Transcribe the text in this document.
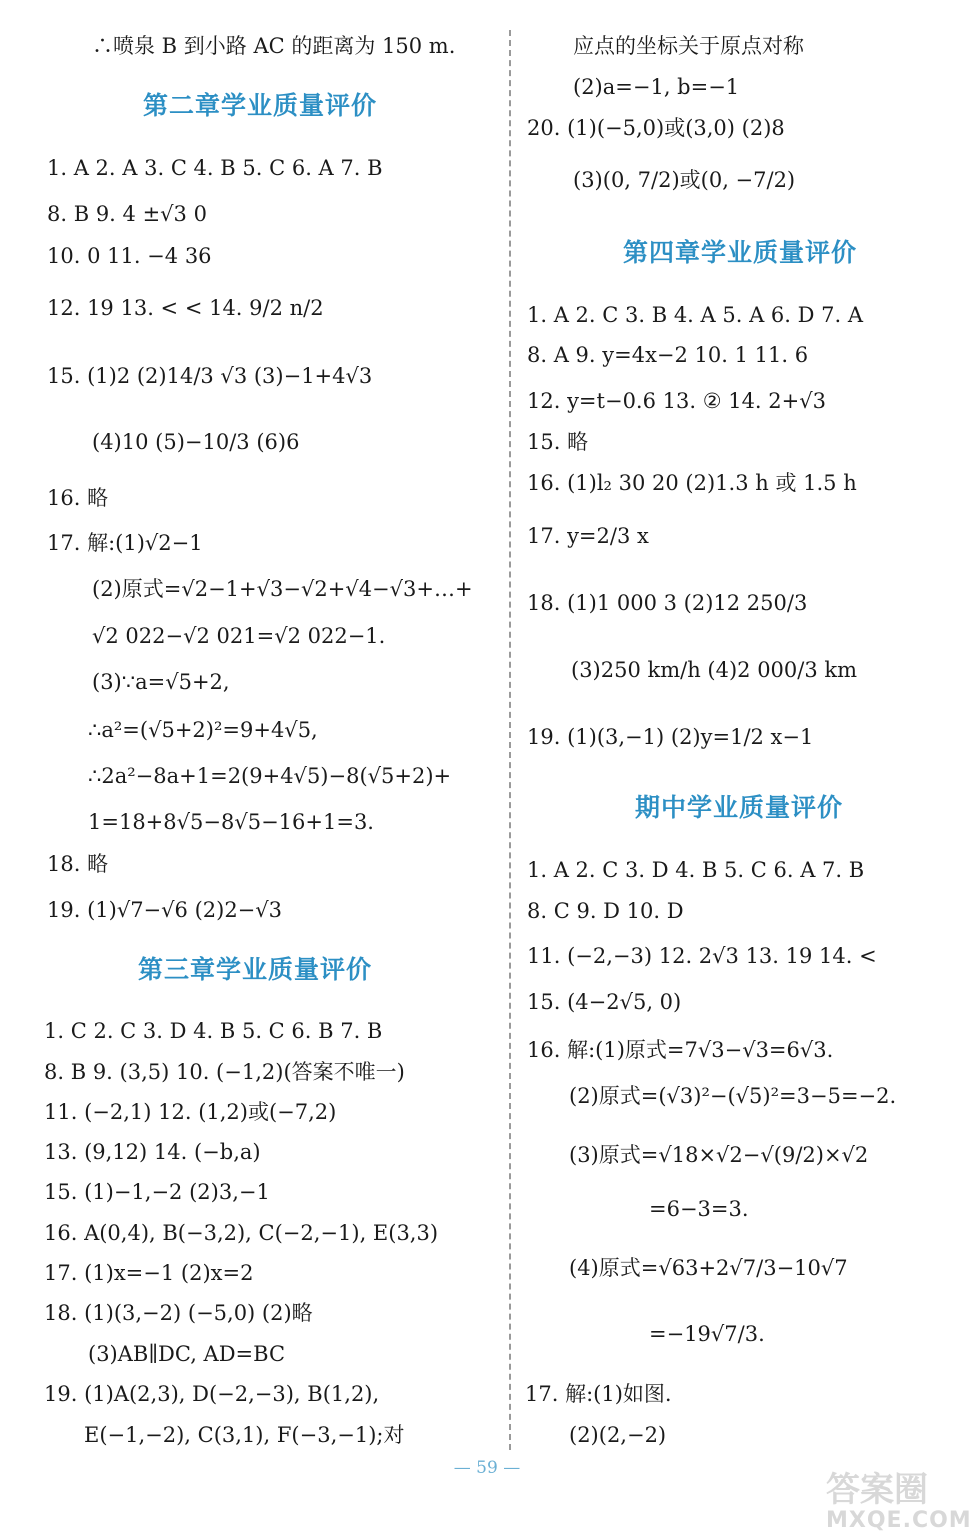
∴喷泉 B 到小路 AC 的距离为 150 m.
第二章学业质量评价
1. A 2. A 3. C 4. B 5. C 6. A 7. B
8. B 9. 4 ±√3 0
10. 0 11. −4 36
12. 19 13. < < 14. 9/2 n/2
15. (1)2 (2)14/3 √3 (3)−1+4√3
(4)10 (5)−10/3 (6)6
16. 略
17. 解:(1)√2−1
(2)原式=√2−1+√3−√2+√4−√3+…+
√2 022−√2 021=√2 022−1.
(3)∵a=√5+2,
∴a²=(√5+2)²=9+4√5,
∴2a²−8a+1=2(9+4√5)−8(√5+2)+
1=18+8√5−8√5−16+1=3.
18. 略
19. (1)√7−√6 (2)2−√3
第三章学业质量评价
1. C 2. C 3. D 4. B 5. C 6. B 7. B
8. B 9. (3,5) 10. (−1,2)(答案不唯一)
11. (−2,1) 12. (1,2)或(−7,2)
13. (9,12) 14. (−b,a)
15. (1)−1,−2 (2)3,−1
16. A(0,4), B(−3,2), C(−2,−1), E(3,3)
17. (1)x=−1 (2)x=2
18. (1)(3,−2) (−5,0) (2)略
(3)AB∥DC, AD=BC
19. (1)A(2,3), D(−2,−3), B(1,2),
E(−1,−2), C(3,1), F(−3,−1);对
应点的坐标关于原点对称
(2)a=−1, b=−1
20. (1)(−5,0)或(3,0) (2)8
(3)(0, 7/2)或(0, −7/2)
第四章学业质量评价
1. A 2. C 3. B 4. A 5. A 6. D 7. A
8. A 9. y=4x−2 10. 1 11. 6
12. y=t−0.6 13. ② 14. 2+√3
15. 略
16. (1)l₂ 30 20 (2)1.3 h 或 1.5 h
17. y=2/3 x
18. (1)1 000 3 (2)12 250/3
(3)250 km/h (4)2 000/3 km
19. (1)(3,−1) (2)y=1/2 x−1
期中学业质量评价
1. A 2. C 3. D 4. B 5. C 6. A 7. B
8. C 9. D 10. D
11. (−2,−3) 12. 2√3 13. 19 14. <
15. (4−2√5, 0)
16. 解:(1)原式=7√3−√3=6√3.
(2)原式=(√3)²−(√5)²=3−5=−2.
(3)原式=√18×√2−√(9/2)×√2
=6−3=3.
(4)原式=√63+2√7/3−10√7
=−19√7/3.
17. 解:(1)如图.
(2)(2,−2)
— 59 —
答案圈
MXQE.COM
